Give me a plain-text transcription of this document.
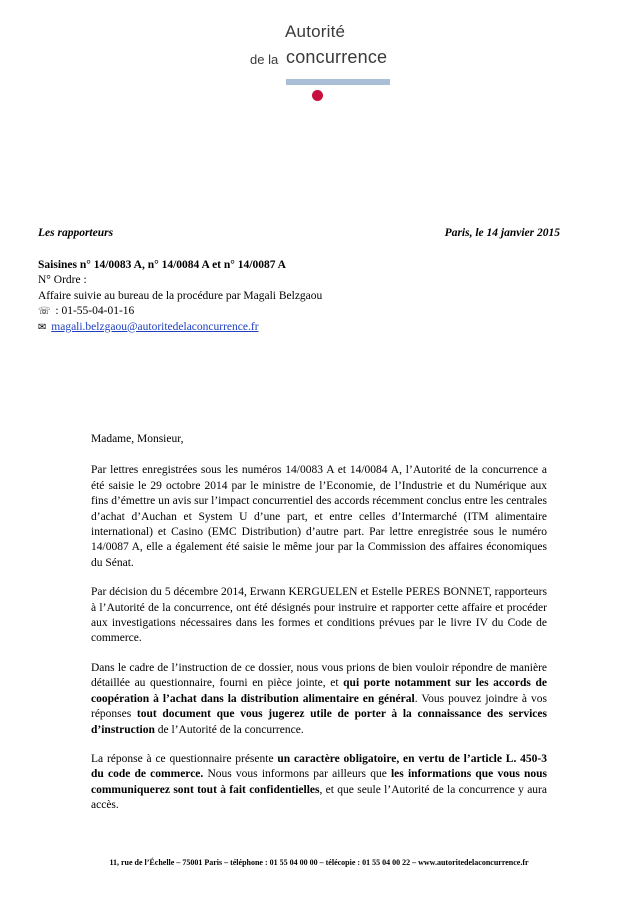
Autorité
de la concurrence
Les rapporteurs	Paris, le 14 janvier 2015
Saisines n° 14/0083 A, n° 14/0084 A et n° 14/0087 A
N° Ordre :
Affaire suivie au bureau de la procédure par Magali Belzgaou
☏ : 01-55-04-01-16
✉ magali.belzgaou@autoritedelaconcurrence.fr

Madame, Monsieur,

Par lettres enregistrées sous les numéros 14/0083 A et 14/0084 A, l’Autorité de la concurrence a été saisie le 29 octobre 2014 par le ministre de l’Economie, de l’Industrie et du Numérique aux fins d’émettre un avis sur l’impact concurrentiel des accords récemment conclus entre les centrales d’achat d’Auchan et System U d’une part, et entre celles d’Intermarché (ITM alimentaire international) et Casino (EMC Distribution) d’autre part. Par lettre enregistrée sous le numéro 14/0087 A, elle a également été saisie le même jour par la Commission des affaires économiques du Sénat.

Par décision du 5 décembre 2014, Erwann KERGUELEN et Estelle PERES BONNET, rapporteurs à l’Autorité de la concurrence, ont été désignés pour instruire et rapporter cette affaire et procéder aux investigations nécessaires dans les formes et conditions prévues par le livre IV du Code de commerce.

Dans le cadre de l’instruction de ce dossier, nous vous prions de bien vouloir répondre de manière détaillée au questionnaire, fourni en pièce jointe, et qui porte notamment sur les accords de coopération à l’achat dans la distribution alimentaire en général. Vous pouvez joindre à vos réponses tout document que vous jugerez utile de porter à la connaissance des services d’instruction de l’Autorité de la concurrence.

La réponse à ce questionnaire présente un caractère obligatoire, en vertu de l’article L. 450-3 du code de commerce. Nous vous informons par ailleurs que les informations que vous nous communiquerez sont tout à fait confidentielles, et que seule l’Autorité de la concurrence y aura accès.

11, rue de l’Échelle – 75001 Paris – téléphone : 01 55 04 00 00 – télécopie : 01 55 04 00 22 – www.autoritedelaconcurrence.fr
